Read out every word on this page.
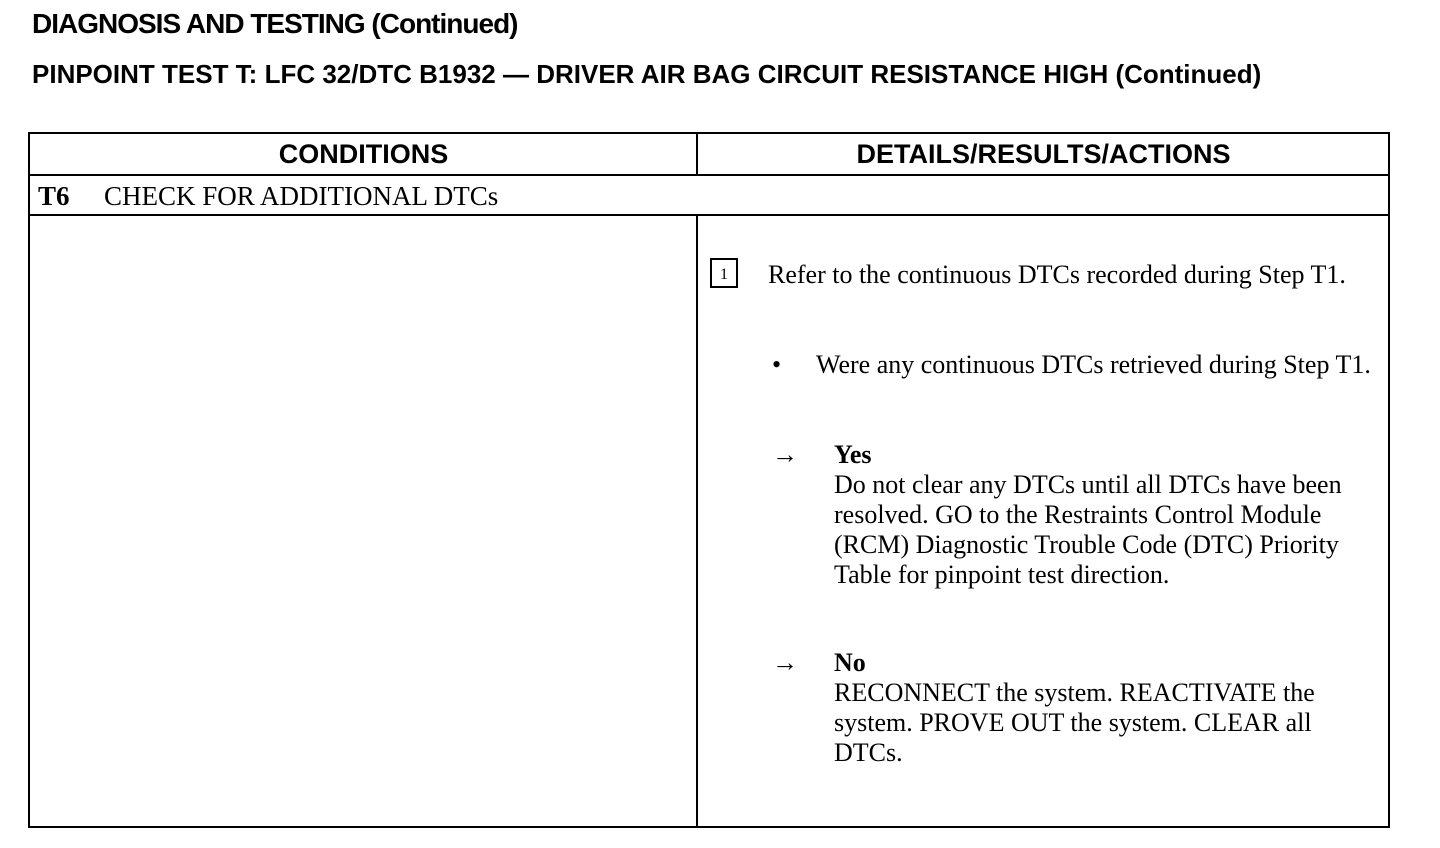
DIAGNOSIS AND TESTING (Continued)
PINPOINT TEST T: LFC 32/DTC B1932 — DRIVER AIR BAG CIRCUIT RESISTANCE HIGH (Continued)
CONDITIONS	DETAILS/RESULTS/ACTIONS
T6 CHECK FOR ADDITIONAL DTCs
1	Refer to the continuous DTCs recorded during Step T1.
•	Were any continuous DTCs retrieved during Step T1.
→	Yes
Do not clear any DTCs until all DTCs have been resolved. GO to the Restraints Control Module (RCM) Diagnostic Trouble Code (DTC) Priority Table for pinpoint test direction.
→	No
RECONNECT the system. REACTIVATE the system. PROVE OUT the system. CLEAR all DTCs.
